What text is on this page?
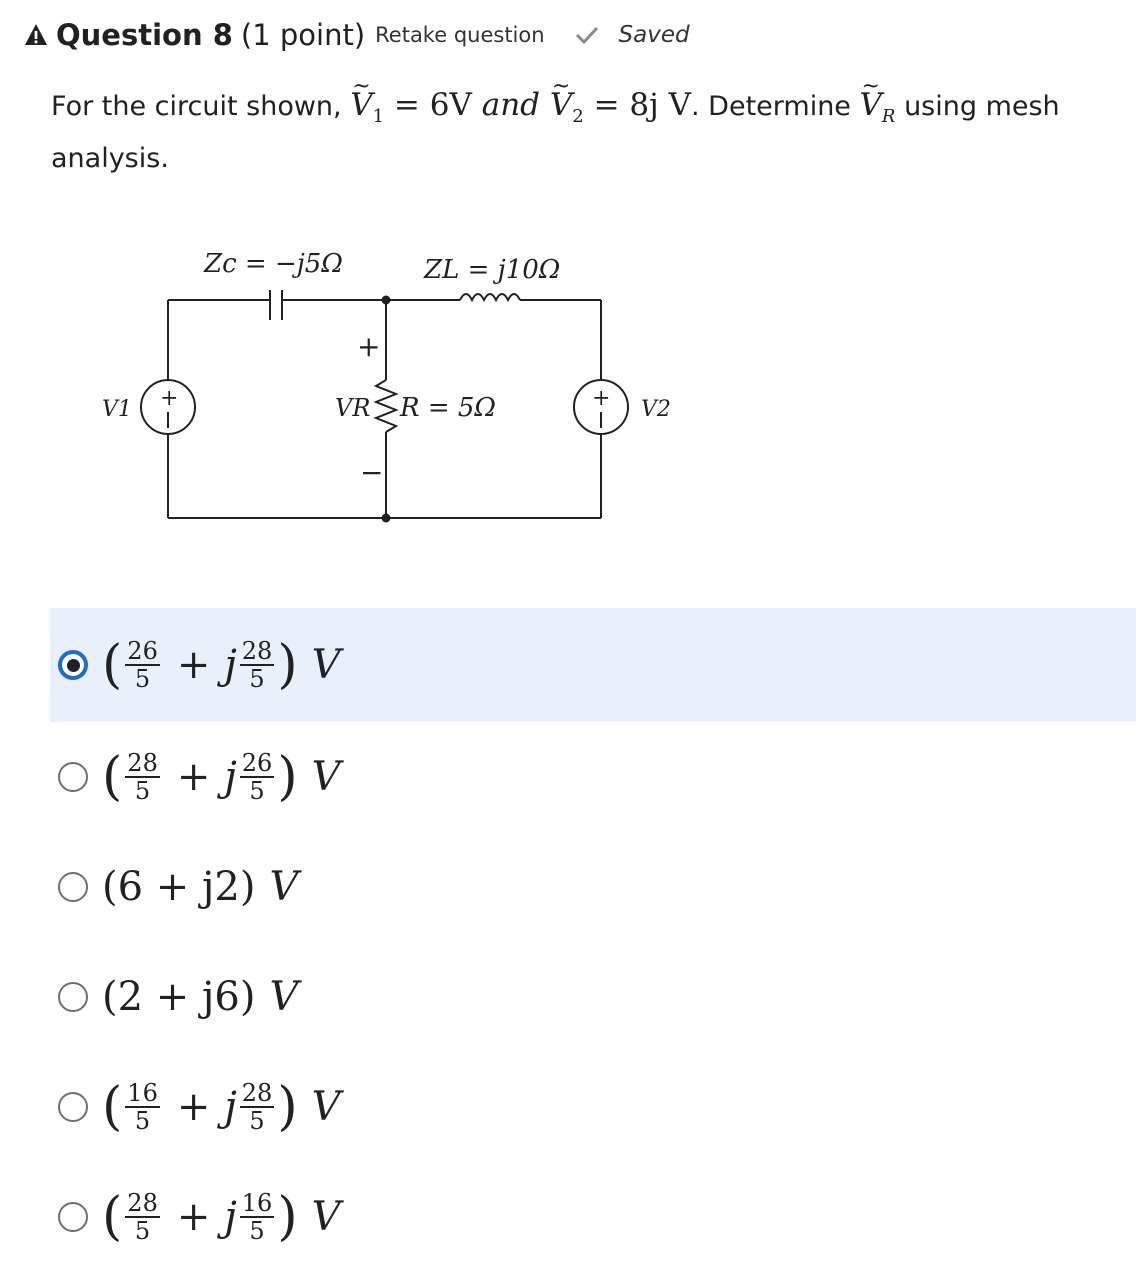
Question 8 (1 point) Retake question	Saved
For the circuit shown, ~ $V_1 = 6V$ and ~ $V_2 = 8j$ V. Determine ~ $V_R$ using mesh analysis.
+	+
Zc = −j5Ω	ZL = j10Ω
R = 5Ω
V1	V2
VR
+
−
( $\frac{26}{5} + j \frac{28}{5}$ ) V
( $\frac{28}{5} + j \frac{26}{5}$ ) V
(6 + j2) V
(2 + j6) V
( $\frac{16}{5} + j \frac{28}{5}$ ) V
( $\frac{28}{5} + j \frac{16}{5}$ ) V
